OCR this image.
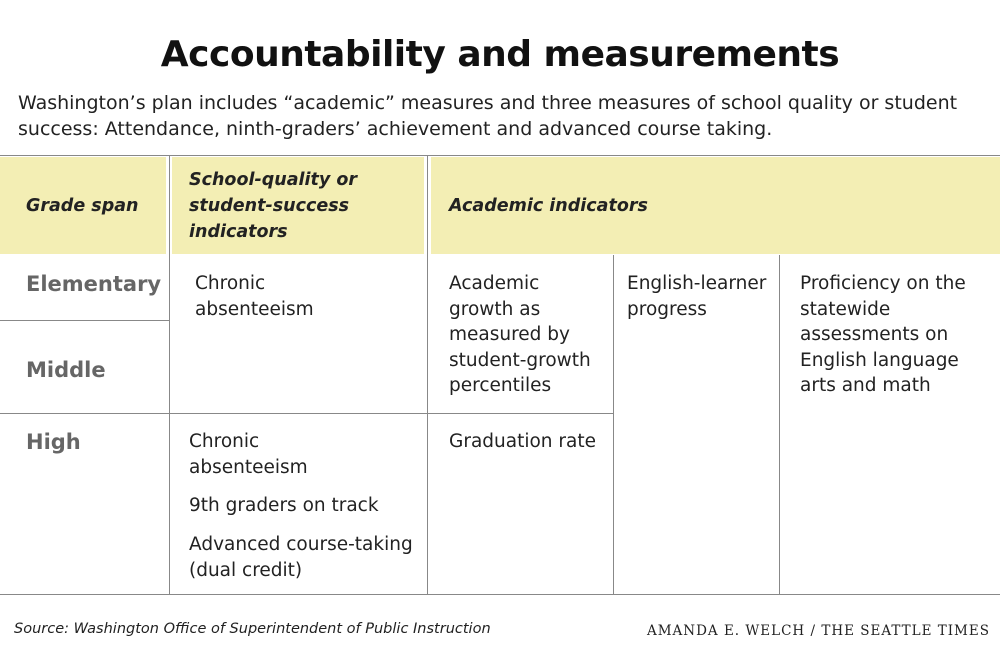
Accountability and measurements
Washington’s plan includes “academic” measures and three measures of school quality or student success: Attendance, ninth-graders’ achievement and advanced course taking.
Grade span
School-quality or student-success indicators
Academic indicators
Elementary
Middle
High
Chronic absenteeism
Academic growth as measured by student-growth percentiles
English-learner progress
Proficiency on the statewide assessments on English language arts and math
Chronic absenteeism
9th graders on track
Advanced course-taking (dual credit)
Graduation rate
Source: Washington Office of Superintendent of Public Instruction	AMANDA E. WELCH / THE SEATTLE TIMES
